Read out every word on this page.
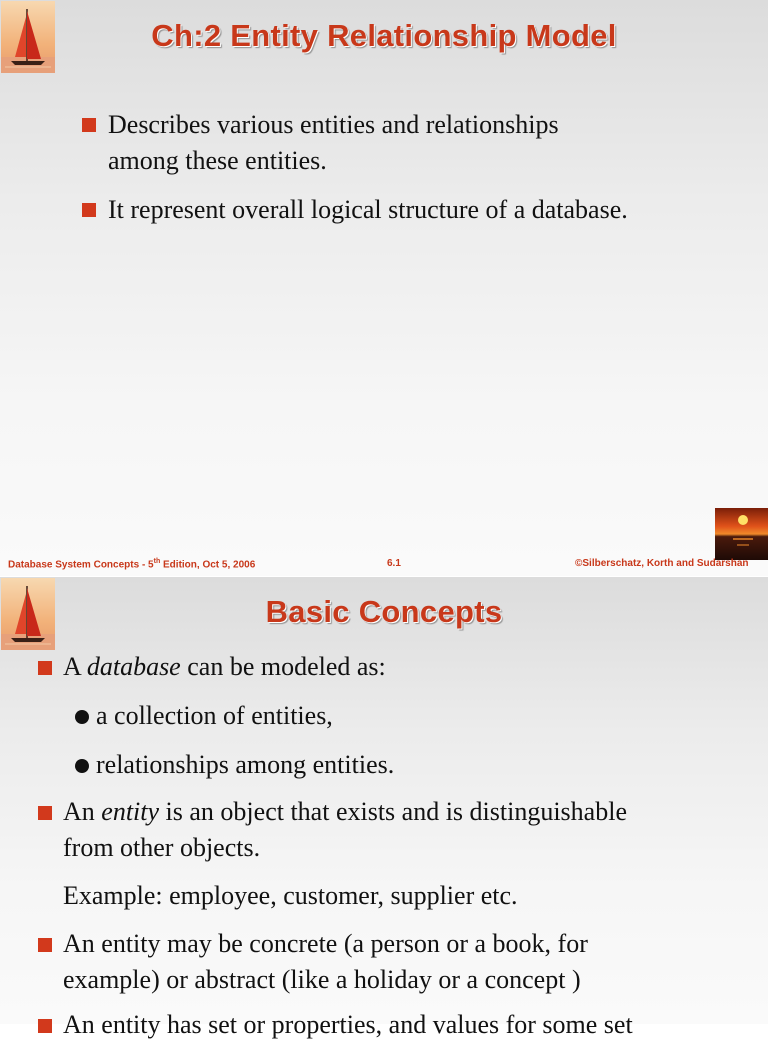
Ch:2 Entity Relationship Model
Describes various entities and relationships
among these entities.
It represent overall logical structure of a database.
Database System Concepts - 5th Edition, Oct 5, 2006	6.1	©Silberschatz, Korth and Sudarshan
Basic Concepts
A database can be modeled as:
a collection of entities,
relationships among entities.
An entity is an object that exists and is distinguishable
from other objects.
Example: employee, customer, supplier etc.
An entity may be concrete (a person or a book, for
example) or abstract (like a holiday or a concept )
An entity has set or properties, and values for some set
